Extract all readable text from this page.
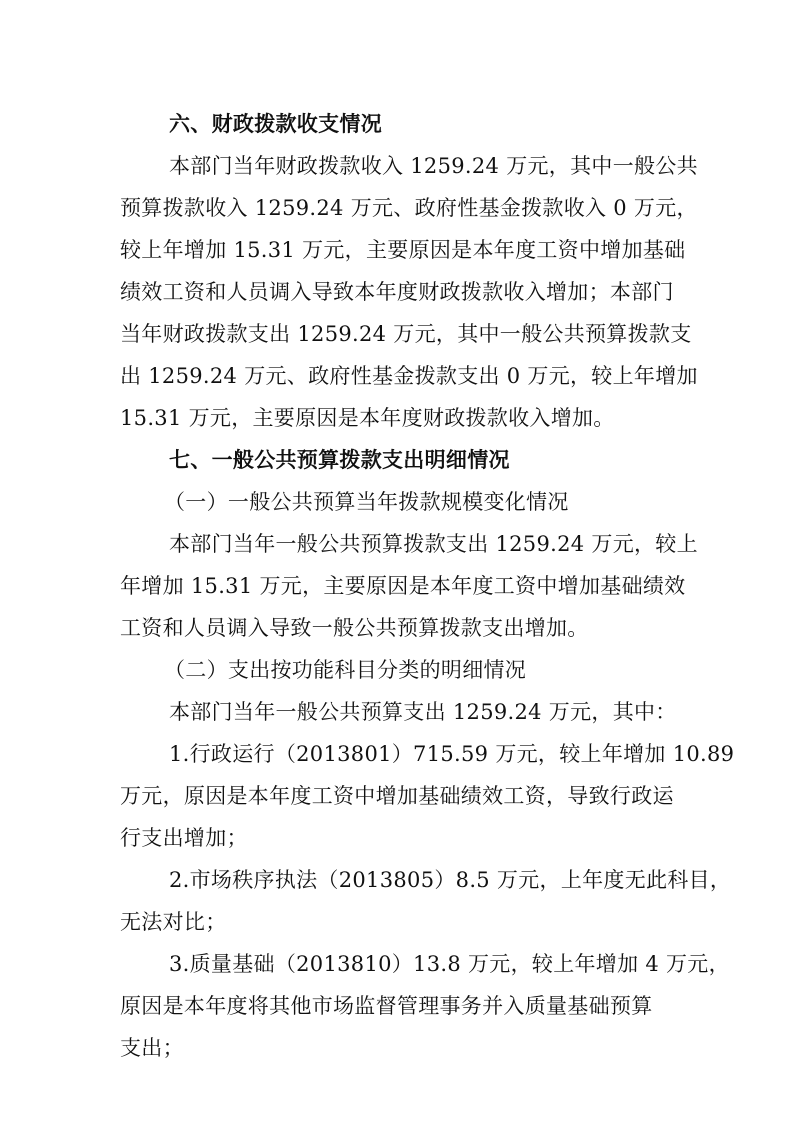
六、财政拨款收支情况
本部门当年财政拨款收入 1259.24 万元，其中一般公共
预算拨款收入 1259.24 万元、政府性基金拨款收入 0 万元，
较上年增加 15.31 万元，主要原因是本年度工资中增加基础
绩效工资和人员调入导致本年度财政拨款收入增加；本部门
当年财政拨款支出 1259.24 万元，其中一般公共预算拨款支
出 1259.24 万元、政府性基金拨款支出 0 万元，较上年增加
15.31 万元，主要原因是本年度财政拨款收入增加。
七、一般公共预算拨款支出明细情况
（一）一般公共预算当年拨款规模变化情况
本部门当年一般公共预算拨款支出 1259.24 万元，较上
年增加 15.31 万元，主要原因是本年度工资中增加基础绩效
工资和人员调入导致一般公共预算拨款支出增加。
（二）支出按功能科目分类的明细情况
本部门当年一般公共预算支出 1259.24 万元，其中：
1.行政运行（2013801）715.59 万元，较上年增加 10.89
万元，原因是本年度工资中增加基础绩效工资，导致行政运
行支出增加；
2.市场秩序执法（2013805）8.5 万元，上年度无此科目，
无法对比；
3.质量基础（2013810）13.8 万元，较上年增加 4 万元，
原因是本年度将其他市场监督管理事务并入质量基础预算
支出；
